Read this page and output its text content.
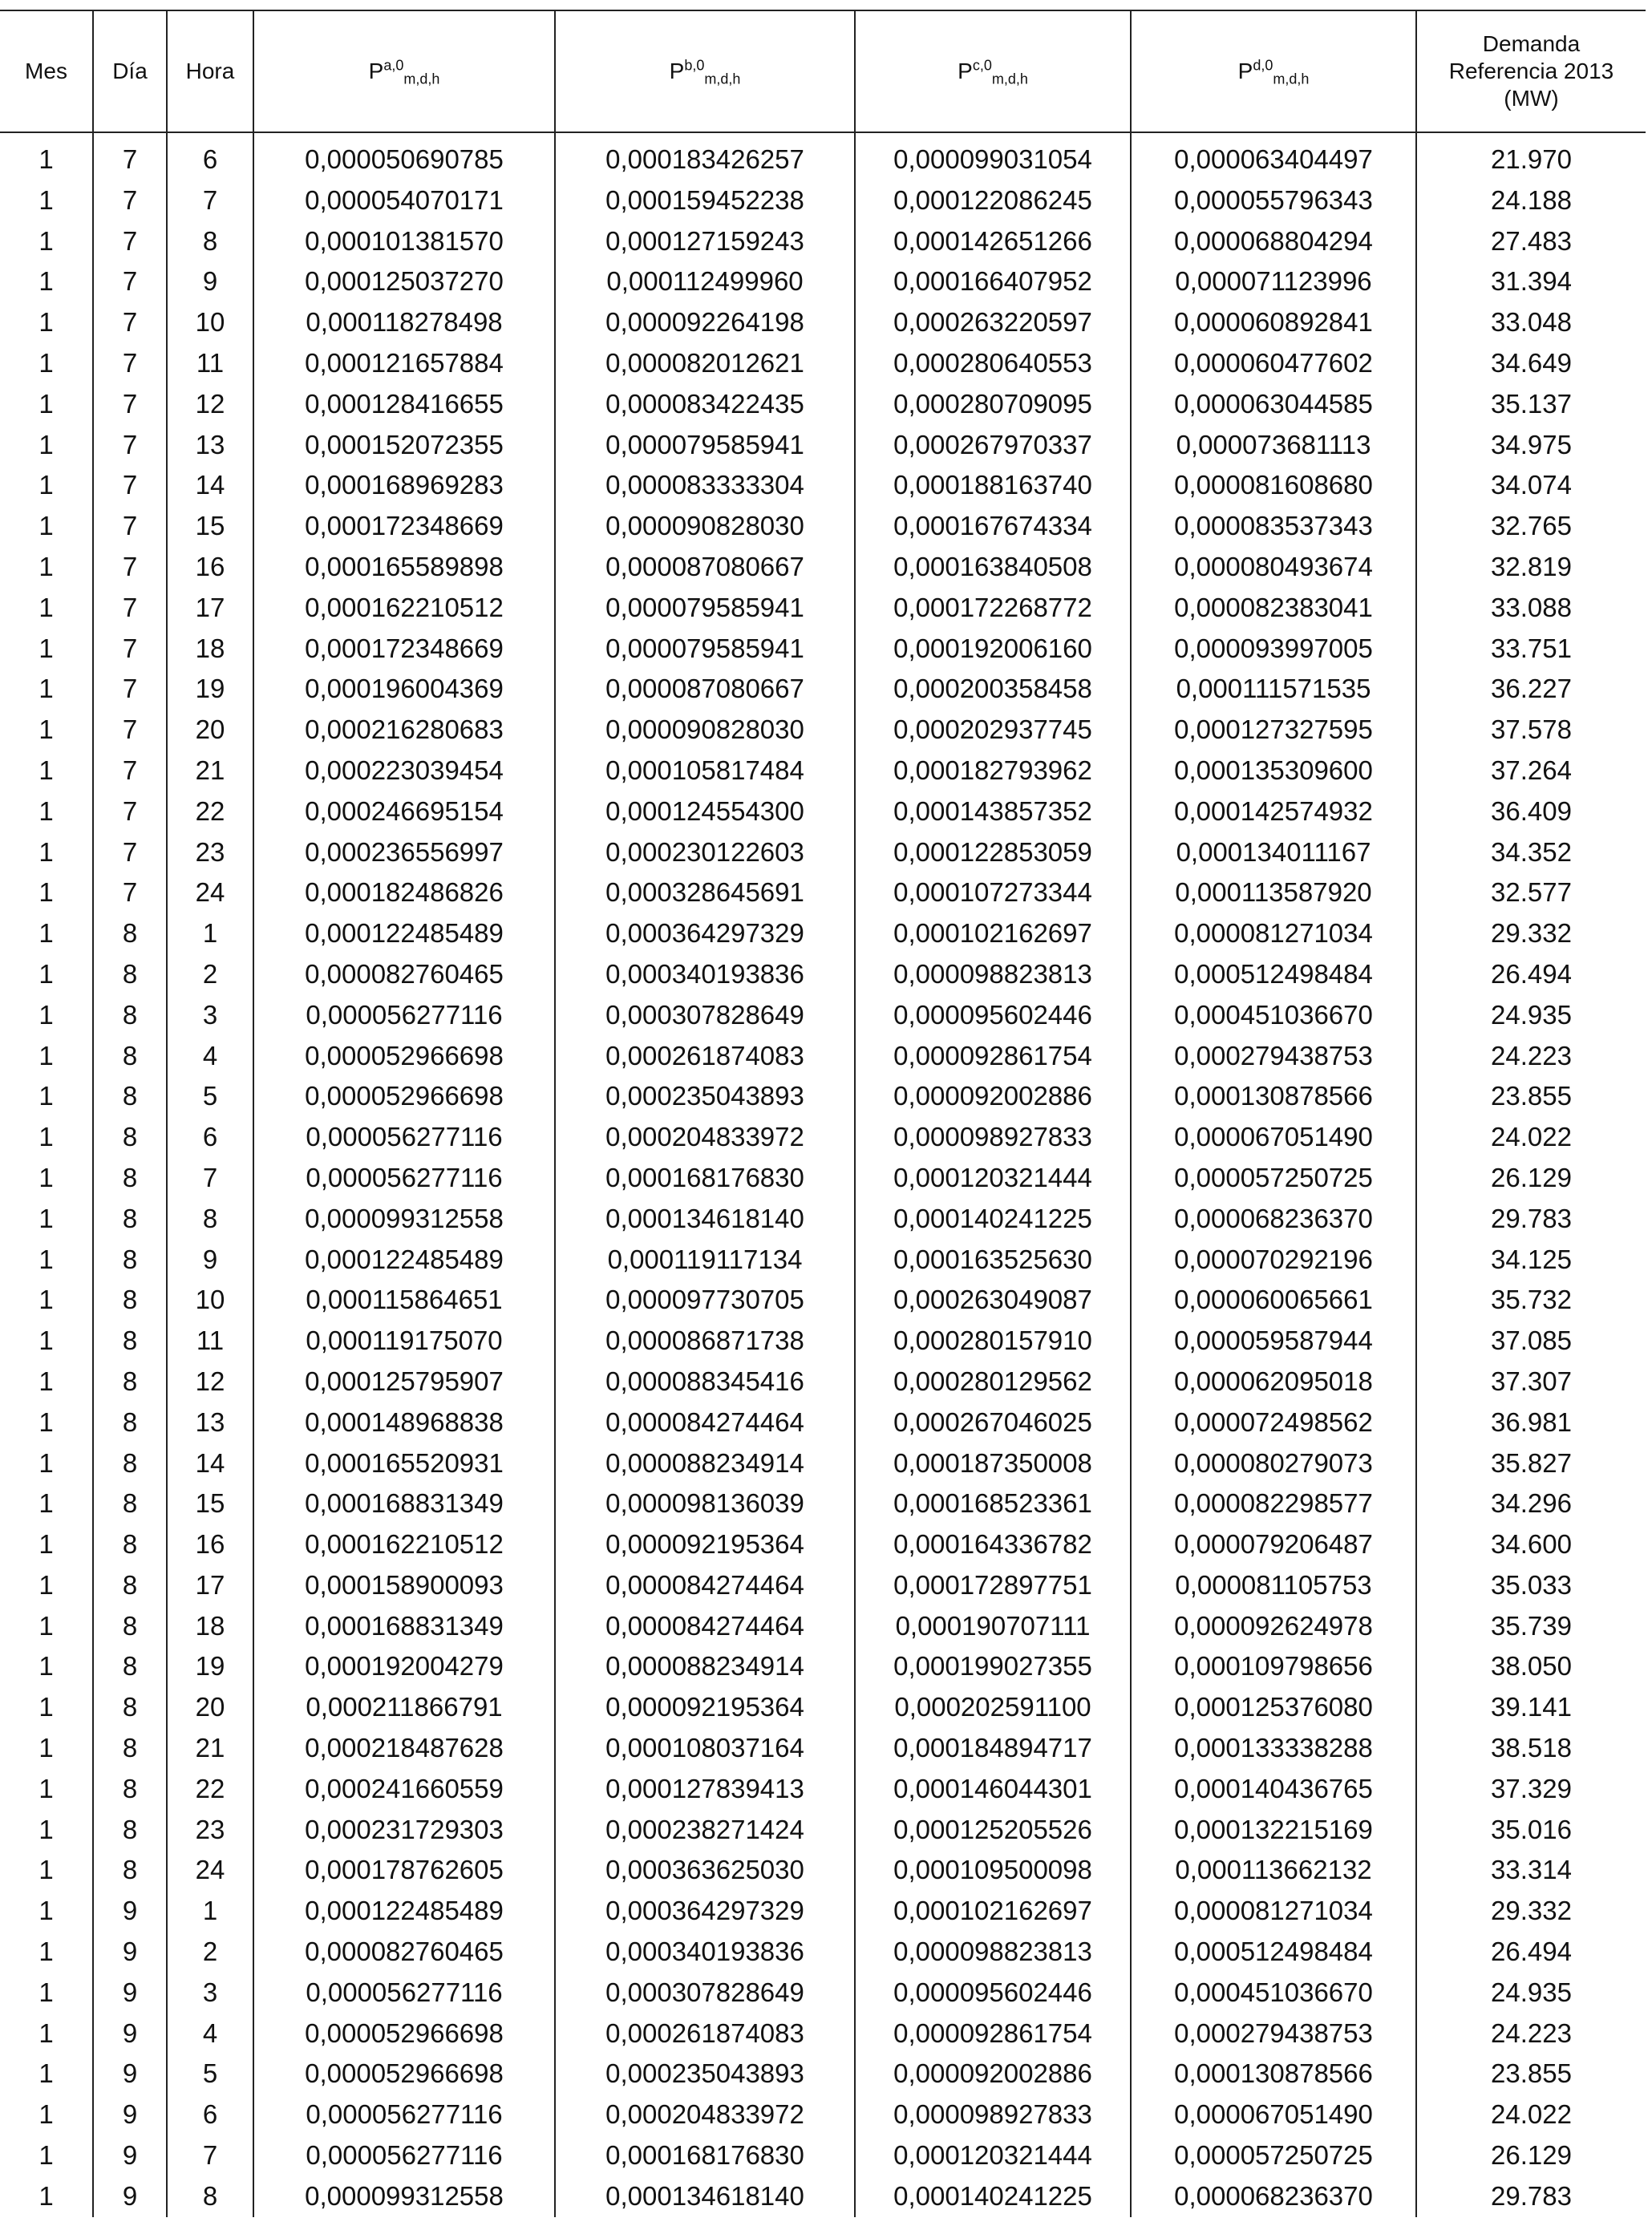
Mes	Día	Hora	P$^{a,0}_{m,d,h}$	P$^{b,0}_{m,d,h}$	P$^{c,0}_{m,d,h}$	P$^{d,0}_{m,d,h}$	Demanda
Referencia 2013
(MW)
1	7	6	0,000050690785	0,000183426257	0,000099031054	0,000063404497	21.970
1	7	7	0,000054070171	0,000159452238	0,000122086245	0,000055796343	24.188
1	7	8	0,000101381570	0,000127159243	0,000142651266	0,000068804294	27.483
1	7	9	0,000125037270	0,000112499960	0,000166407952	0,000071123996	31.394
1	7	10	0,000118278498	0,000092264198	0,000263220597	0,000060892841	33.048
1	7	11	0,000121657884	0,000082012621	0,000280640553	0,000060477602	34.649
1	7	12	0,000128416655	0,000083422435	0,000280709095	0,000063044585	35.137
1	7	13	0,000152072355	0,000079585941	0,000267970337	0,000073681113	34.975
1	7	14	0,000168969283	0,000083333304	0,000188163740	0,000081608680	34.074
1	7	15	0,000172348669	0,000090828030	0,000167674334	0,000083537343	32.765
1	7	16	0,000165589898	0,000087080667	0,000163840508	0,000080493674	32.819
1	7	17	0,000162210512	0,000079585941	0,000172268772	0,000082383041	33.088
1	7	18	0,000172348669	0,000079585941	0,000192006160	0,000093997005	33.751
1	7	19	0,000196004369	0,000087080667	0,000200358458	0,000111571535	36.227
1	7	20	0,000216280683	0,000090828030	0,000202937745	0,000127327595	37.578
1	7	21	0,000223039454	0,000105817484	0,000182793962	0,000135309600	37.264
1	7	22	0,000246695154	0,000124554300	0,000143857352	0,000142574932	36.409
1	7	23	0,000236556997	0,000230122603	0,000122853059	0,000134011167	34.352
1	7	24	0,000182486826	0,000328645691	0,000107273344	0,000113587920	32.577
1	8	1	0,000122485489	0,000364297329	0,000102162697	0,000081271034	29.332
1	8	2	0,000082760465	0,000340193836	0,000098823813	0,000512498484	26.494
1	8	3	0,000056277116	0,000307828649	0,000095602446	0,000451036670	24.935
1	8	4	0,000052966698	0,000261874083	0,000092861754	0,000279438753	24.223
1	8	5	0,000052966698	0,000235043893	0,000092002886	0,000130878566	23.855
1	8	6	0,000056277116	0,000204833972	0,000098927833	0,000067051490	24.022
1	8	7	0,000056277116	0,000168176830	0,000120321444	0,000057250725	26.129
1	8	8	0,000099312558	0,000134618140	0,000140241225	0,000068236370	29.783
1	8	9	0,000122485489	0,000119117134	0,000163525630	0,000070292196	34.125
1	8	10	0,000115864651	0,000097730705	0,000263049087	0,000060065661	35.732
1	8	11	0,000119175070	0,000086871738	0,000280157910	0,000059587944	37.085
1	8	12	0,000125795907	0,000088345416	0,000280129562	0,000062095018	37.307
1	8	13	0,000148968838	0,000084274464	0,000267046025	0,000072498562	36.981
1	8	14	0,000165520931	0,000088234914	0,000187350008	0,000080279073	35.827
1	8	15	0,000168831349	0,000098136039	0,000168523361	0,000082298577	34.296
1	8	16	0,000162210512	0,000092195364	0,000164336782	0,000079206487	34.600
1	8	17	0,000158900093	0,000084274464	0,000172897751	0,000081105753	35.033
1	8	18	0,000168831349	0,000084274464	0,000190707111	0,000092624978	35.739
1	8	19	0,000192004279	0,000088234914	0,000199027355	0,000109798656	38.050
1	8	20	0,000211866791	0,000092195364	0,000202591100	0,000125376080	39.141
1	8	21	0,000218487628	0,000108037164	0,000184894717	0,000133338288	38.518
1	8	22	0,000241660559	0,000127839413	0,000146044301	0,000140436765	37.329
1	8	23	0,000231729303	0,000238271424	0,000125205526	0,000132215169	35.016
1	8	24	0,000178762605	0,000363625030	0,000109500098	0,000113662132	33.314
1	9	1	0,000122485489	0,000364297329	0,000102162697	0,000081271034	29.332
1	9	2	0,000082760465	0,000340193836	0,000098823813	0,000512498484	26.494
1	9	3	0,000056277116	0,000307828649	0,000095602446	0,000451036670	24.935
1	9	4	0,000052966698	0,000261874083	0,000092861754	0,000279438753	24.223
1	9	5	0,000052966698	0,000235043893	0,000092002886	0,000130878566	23.855
1	9	6	0,000056277116	0,000204833972	0,000098927833	0,000067051490	24.022
1	9	7	0,000056277116	0,000168176830	0,000120321444	0,000057250725	26.129
1	9	8	0,000099312558	0,000134618140	0,000140241225	0,000068236370	29.783
